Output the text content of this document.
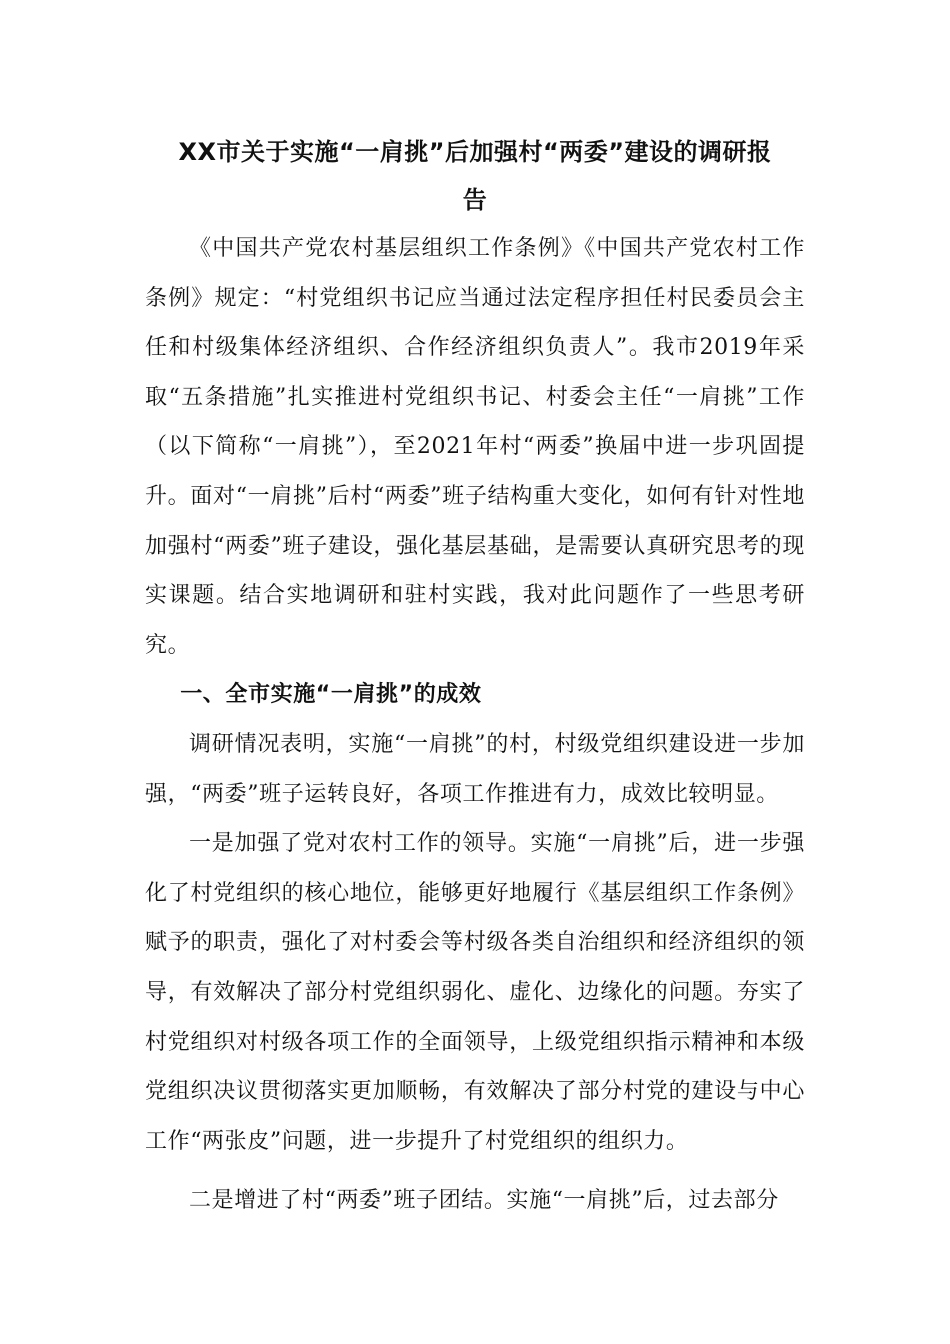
XX市关于实施“一肩挑”后加强村“两委”建设的调研报
告

《中国共产党农村基层组织工作条例》《中国共产党农村工作条例》规定：“村党组织书记应当通过法定程序担任村民委员会主任和村级集体经济组织、合作经济组织负责人”。我市2019年采取“五条措施”扎实推进村党组织书记、村委会主任“一肩挑”工作（以下简称“一肩挑”），至2021年村“两委”换届中进一步巩固提升。面对“一肩挑”后村“两委”班子结构重大变化，如何有针对性地加强村“两委”班子建设，强化基层基础，是需要认真研究思考的现实课题。结合实地调研和驻村实践，我对此问题作了一些思考研究。

一、全市实施“一肩挑”的成效

调研情况表明，实施“一肩挑”的村，村级党组织建设进一步加强，“两委”班子运转良好，各项工作推进有力，成效比较明显。

一是加强了党对农村工作的领导。实施“一肩挑”后，进一步强化了村党组织的核心地位，能够更好地履行《基层组织工作条例》赋予的职责，强化了对村委会等村级各类自治组织和经济组织的领导，有效解决了部分村党组织弱化、虚化、边缘化的问题。夯实了村党组织对村级各项工作的全面领导，上级党组织指示精神和本级党组织决议贯彻落实更加顺畅，有效解决了部分村党的建设与中心工作“两张皮”问题，进一步提升了村党组织的组织力。

二是增进了村“两委”班子团结。实施“一肩挑”后，过去部分
